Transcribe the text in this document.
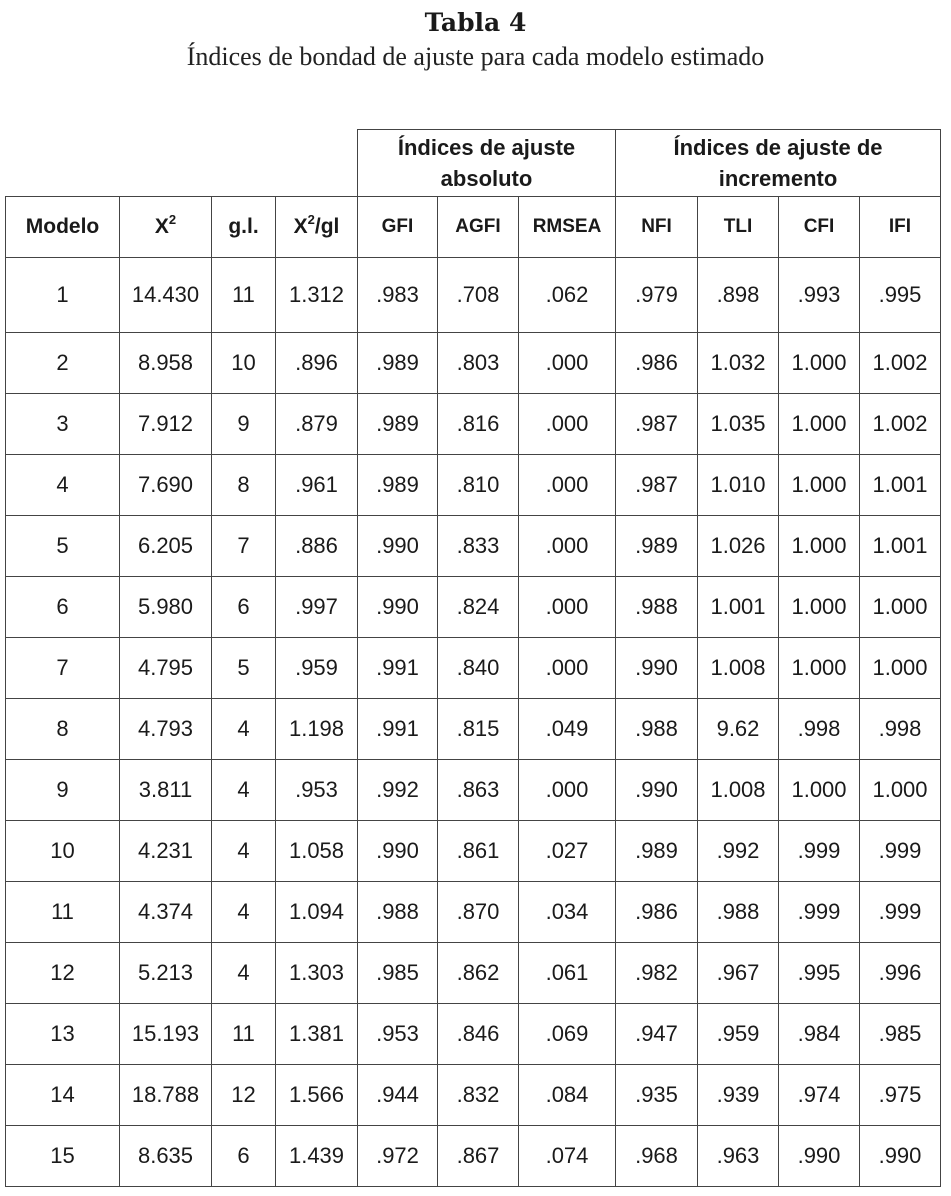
Tabla 4
Índices de bondad de ajuste para cada modelo estimado
				Índices de ajuste absoluto			Índices de ajuste de incremento			
Modelo	$X^2$	g.l.	$X^2/gl$	GFI	AGFI	RMSEA	NFI	TLI	CFI	IFI
1	14.430	11	1.312	.983	.708	.062	.979	.898	.993	.995
2	8.958	10	.896	.989	.803	.000	.986	1.032	1.000	1.002
3	7.912	9	.879	.989	.816	.000	.987	1.035	1.000	1.002
4	7.690	8	.961	.989	.810	.000	.987	1.010	1.000	1.001
5	6.205	7	.886	.990	.833	.000	.989	1.026	1.000	1.001
6	5.980	6	.997	.990	.824	.000	.988	1.001	1.000	1.000
7	4.795	5	.959	.991	.840	.000	.990	1.008	1.000	1.000
8	4.793	4	1.198	.991	.815	.049	.988	9.62	.998	.998
9	3.811	4	.953	.992	.863	.000	.990	1.008	1.000	1.000
10	4.231	4	1.058	.990	.861	.027	.989	.992	.999	.999
11	4.374	4	1.094	.988	.870	.034	.986	.988	.999	.999
12	5.213	4	1.303	.985	.862	.061	.982	.967	.995	.996
13	15.193	11	1.381	.953	.846	.069	.947	.959	.984	.985
14	18.788	12	1.566	.944	.832	.084	.935	.939	.974	.975
15	8.635	6	1.439	.972	.867	.074	.968	.963	.990	.990
